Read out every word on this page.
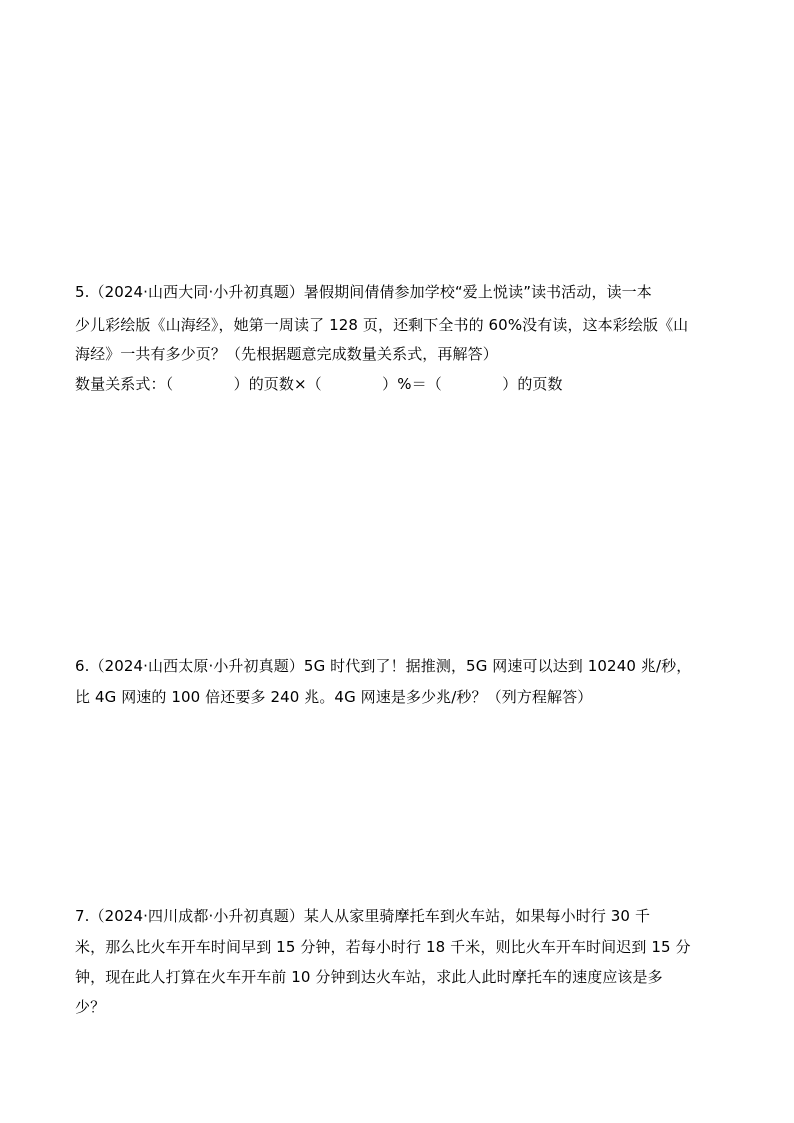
5.（2024·山西大同·小升初真题）暑假期间倩倩参加学校“爱上悦读”读书活动，读一本
少儿彩绘版《山海经》，她第一周读了 128 页，还剩下全书的 60%没有读，这本彩绘版《山
海经》一共有多少页？（先根据题意完成数量关系式，再解答）
数量关系式：（　　　　）的页数×（　　　　）%＝（　　　　）的页数
6.（2024·山西太原·小升初真题）5G 时代到了！据推测，5G 网速可以达到 10240 兆/秒，
比 4G 网速的 100 倍还要多 240 兆。4G 网速是多少兆/秒？（列方程解答）
7.（2024·四川成都·小升初真题）某人从家里骑摩托车到火车站，如果每小时行 30 千
米，那么比火车开车时间早到 15 分钟，若每小时行 18 千米，则比火车开车时间迟到 15 分
钟，现在此人打算在火车开车前 10 分钟到达火车站，求此人此时摩托车的速度应该是多
少？
